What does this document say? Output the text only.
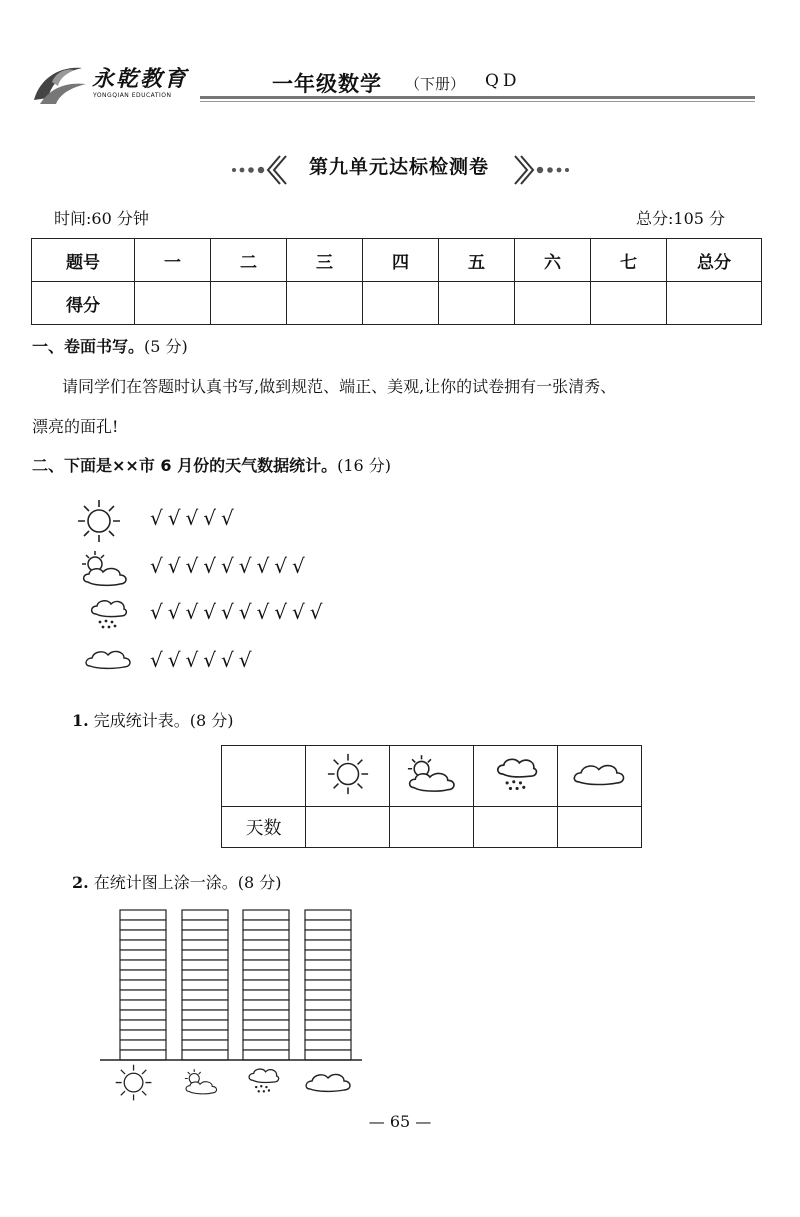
永乾教育
YONGQIAN EDUCATION	一年级数学 （下册） QD
第九单元达标检测卷
时间:60 分钟	总分:105 分
题号	一	二	三	四	五	六	七	总分
得分								
一、卷面书写。(5 分)
请同学们在答题时认真书写,做到规范、端正、美观,让你的试卷拥有一张清秀、
漂亮的面孔!
二、下面是××市 6 月份的天气数据统计。(16 分)
√√√√√
√√√√√√√√√
√√√√√√√√√√
√√√√√√
1. 完成统计表。(8 分)

天数				
2. 在统计图上涂一涂。(8 分)
— 65 —
